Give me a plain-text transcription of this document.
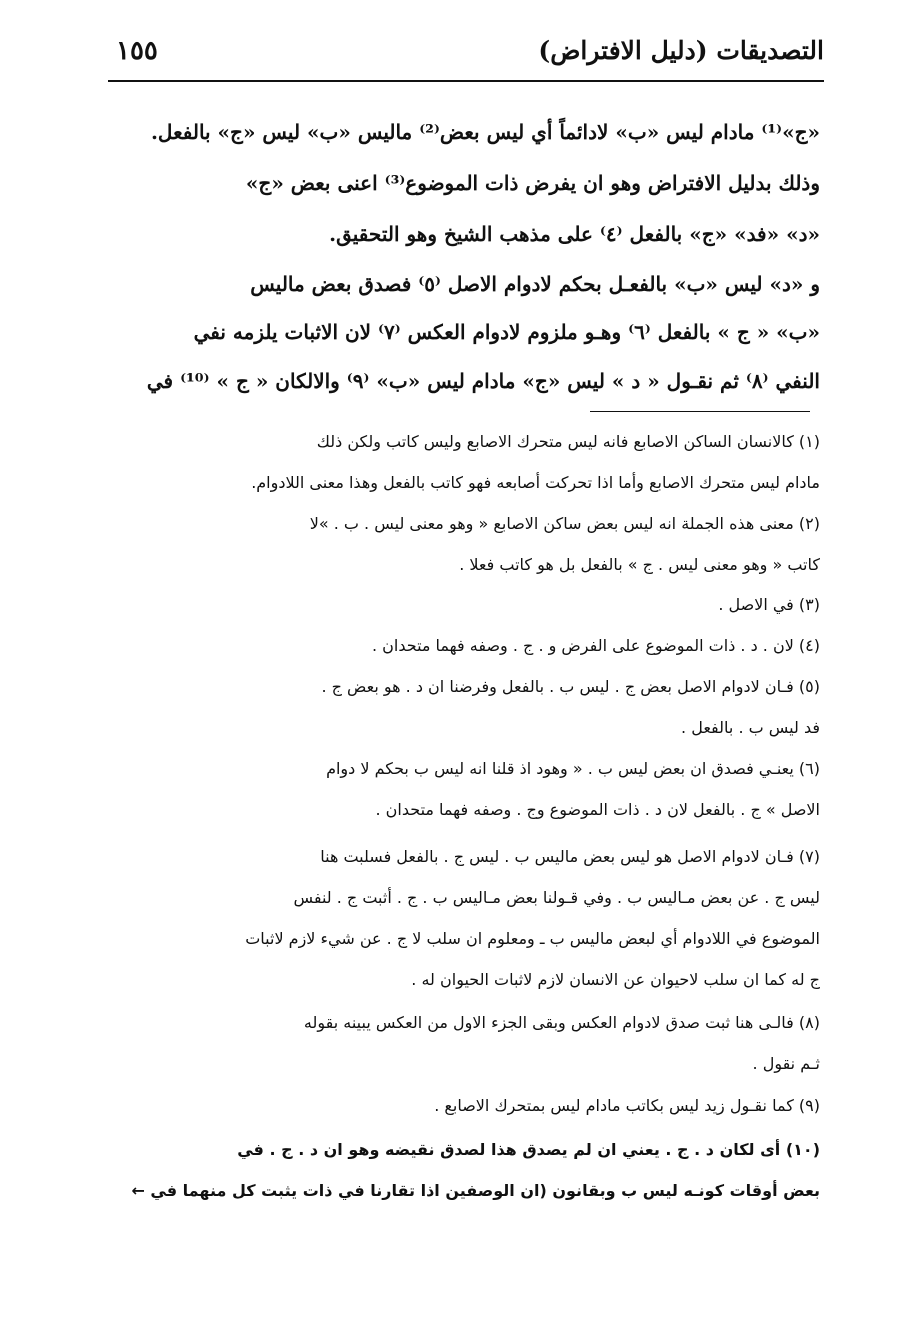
١٥٥	التصديقات (دليل الافتراض)
«ج»⁽¹⁾ مادام ليس «ب» لادائماً أي ليس بعض⁽²⁾ ماليس «ب» ليس «ج» بالفعل.
وذلك بدليل الافتراض وهو ان يفرض ذات الموضوع⁽³⁾ اعنى بعض «ج»
«د» «فد» «ج» بالفعل ⁽٤⁾ على مذهب الشيخ وهو التحقيق.
و «د» ليس «ب» بالفعـل بحكم لادوام الاصل ⁽٥⁾ فصدق بعض ماليس
«ب» « ج » بالفعل ⁽٦⁾ وهـو ملزوم لادوام العكس ⁽٧⁾ لان الاثبات يلزمه نفي
النفي ⁽٨⁾ ثم نقـول « د » ليس «ج» مادام ليس «ب» ⁽٩⁾ والالكان « ج » ⁽¹⁰⁾ في
(١) كالانسان الساكن الاصابع فانه ليس متحرك الاصابع وليس كاتب ولكن ذلك
مادام ليس متحرك الاصابع وأما اذا تحركت أصابعه فهو كاتب بالفعل وهذا معنى اللادوام.
(٢) معنى هذه الجملة انه ليس بعض ساكن الاصابع « وهو معنى ليس . ب . »لا
كاتب « وهو معنى ليس . ج » بالفعل بل هو كاتب فعلا .
(٣) في الاصل .
(٤) لان . د . ذات الموضوع على الفرض و . ج . وصفه فهما متحدان .
(٥) فـان لادوام الاصل بعض ج . ليس ب . بالفعل وفرضنا ان د . هو بعض ج .
فد ليس ب . بالفعل .
(٦) يعنـي فصدق ان بعض ليس ب . « وهود اذ قلنا انه ليس ب بحكم لا دوام
الاصل » ج . بالفعل لان د . ذات الموضوع وج . وصفه فهما متحدان .
(٧) فـان لادوام الاصل هو ليس بعض ماليس ب . ليس ج . بالفعل فسلبت هنا
ليس ج . عن بعض مـاليس ب . وفي قـولنا بعض مـاليس ب . ج . أثبت ج . لنفس
الموضوع في اللادوام أي لبعض ماليس ب ـ ومعلوم ان سلب لا ج . عن شيء لازم لاثبات
ج له كما ان سلب لاحيوان عن الانسان لازم لاثبات الحيوان له .
(٨) فالـى هنا ثبت صدق لادوام العكس وبقى الجزء الاول من العكس يبينه بقوله
ثـم نقول .
(٩) كما نقـول زيد ليس بكاتب مادام ليس بمتحرك الاصابع .
(١٠) أى لكان د . ج . يعني ان لم يصدق هذا لصدق نقيضه وهو ان د . ج . في
بعض أوقات كونـه ليس ب وبقانون (ان الوصفين اذا تقارنا في ذات يثبت كل منهما في ←
